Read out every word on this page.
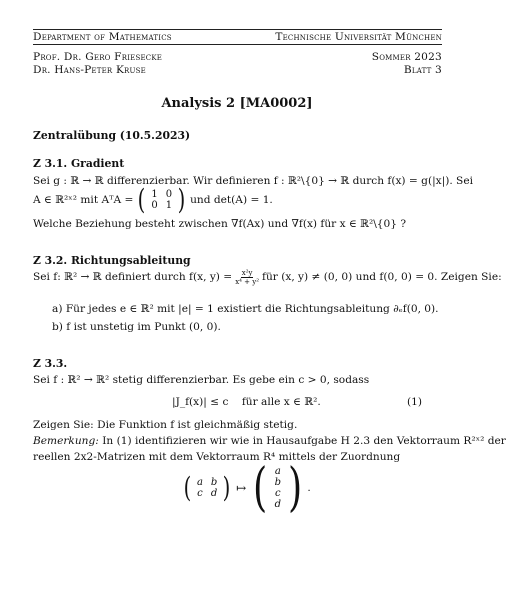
Department of Mathematics	Technische Universität München
Prof. Dr. Gero Friesecke	Sommer 2023
Dr. Hans-Peter Kruse	Blatt 3
Analysis 2 [MA0002]
Zentralübung (10.5.2023)
Z 3.1. Gradient
Sei g : ℝ → ℝ differenzierbar. Wir definieren f : ℝ²\{0} → ℝ durch f(x) = g(|x|). Sei
A ∈ ℝ²ˣ² mit AᵀA = ( 1	0
0	1 ) und det(A) = 1.
Welche Beziehung besteht zwischen ∇f(Ax) und ∇f(x) für x ∈ ℝ²\{0} ?
Z 3.2. Richtungsableitung
Sei f: ℝ² → ℝ definiert durch f(x, $y) = \frac{\text{x²y}}{\text{x⁴ + y²}}$ für (x, y) ≠ (0, 0) und f(0, 0) = 0. Zeigen Sie:
a) Für jedes e ∈ ℝ² mit |e| = 1 existiert die Richtungsableitung ∂ₑf(0, 0).
b) f ist unstetig im Punkt (0, 0).
Z 3.3.
Sei f : ℝ² → ℝ² stetig differenzierbar. Es gebe ein c > 0, sodass
|J_f(x)| ≤ c    für alle x ∈ ℝ².	(1)
Zeigen Sie: Die Funktion f ist gleichmäßig stetig.
Bemerkung: In (1) identifizieren wir wie in Hausaufgabe H 2.3 den Vektorraum R²ˣ² der
reellen 2x2-Matrizen mit dem Vektorraum R⁴ mittels der Zuordnung
( a	b
c	d ) ↦ ( a
b
c
d ) .
